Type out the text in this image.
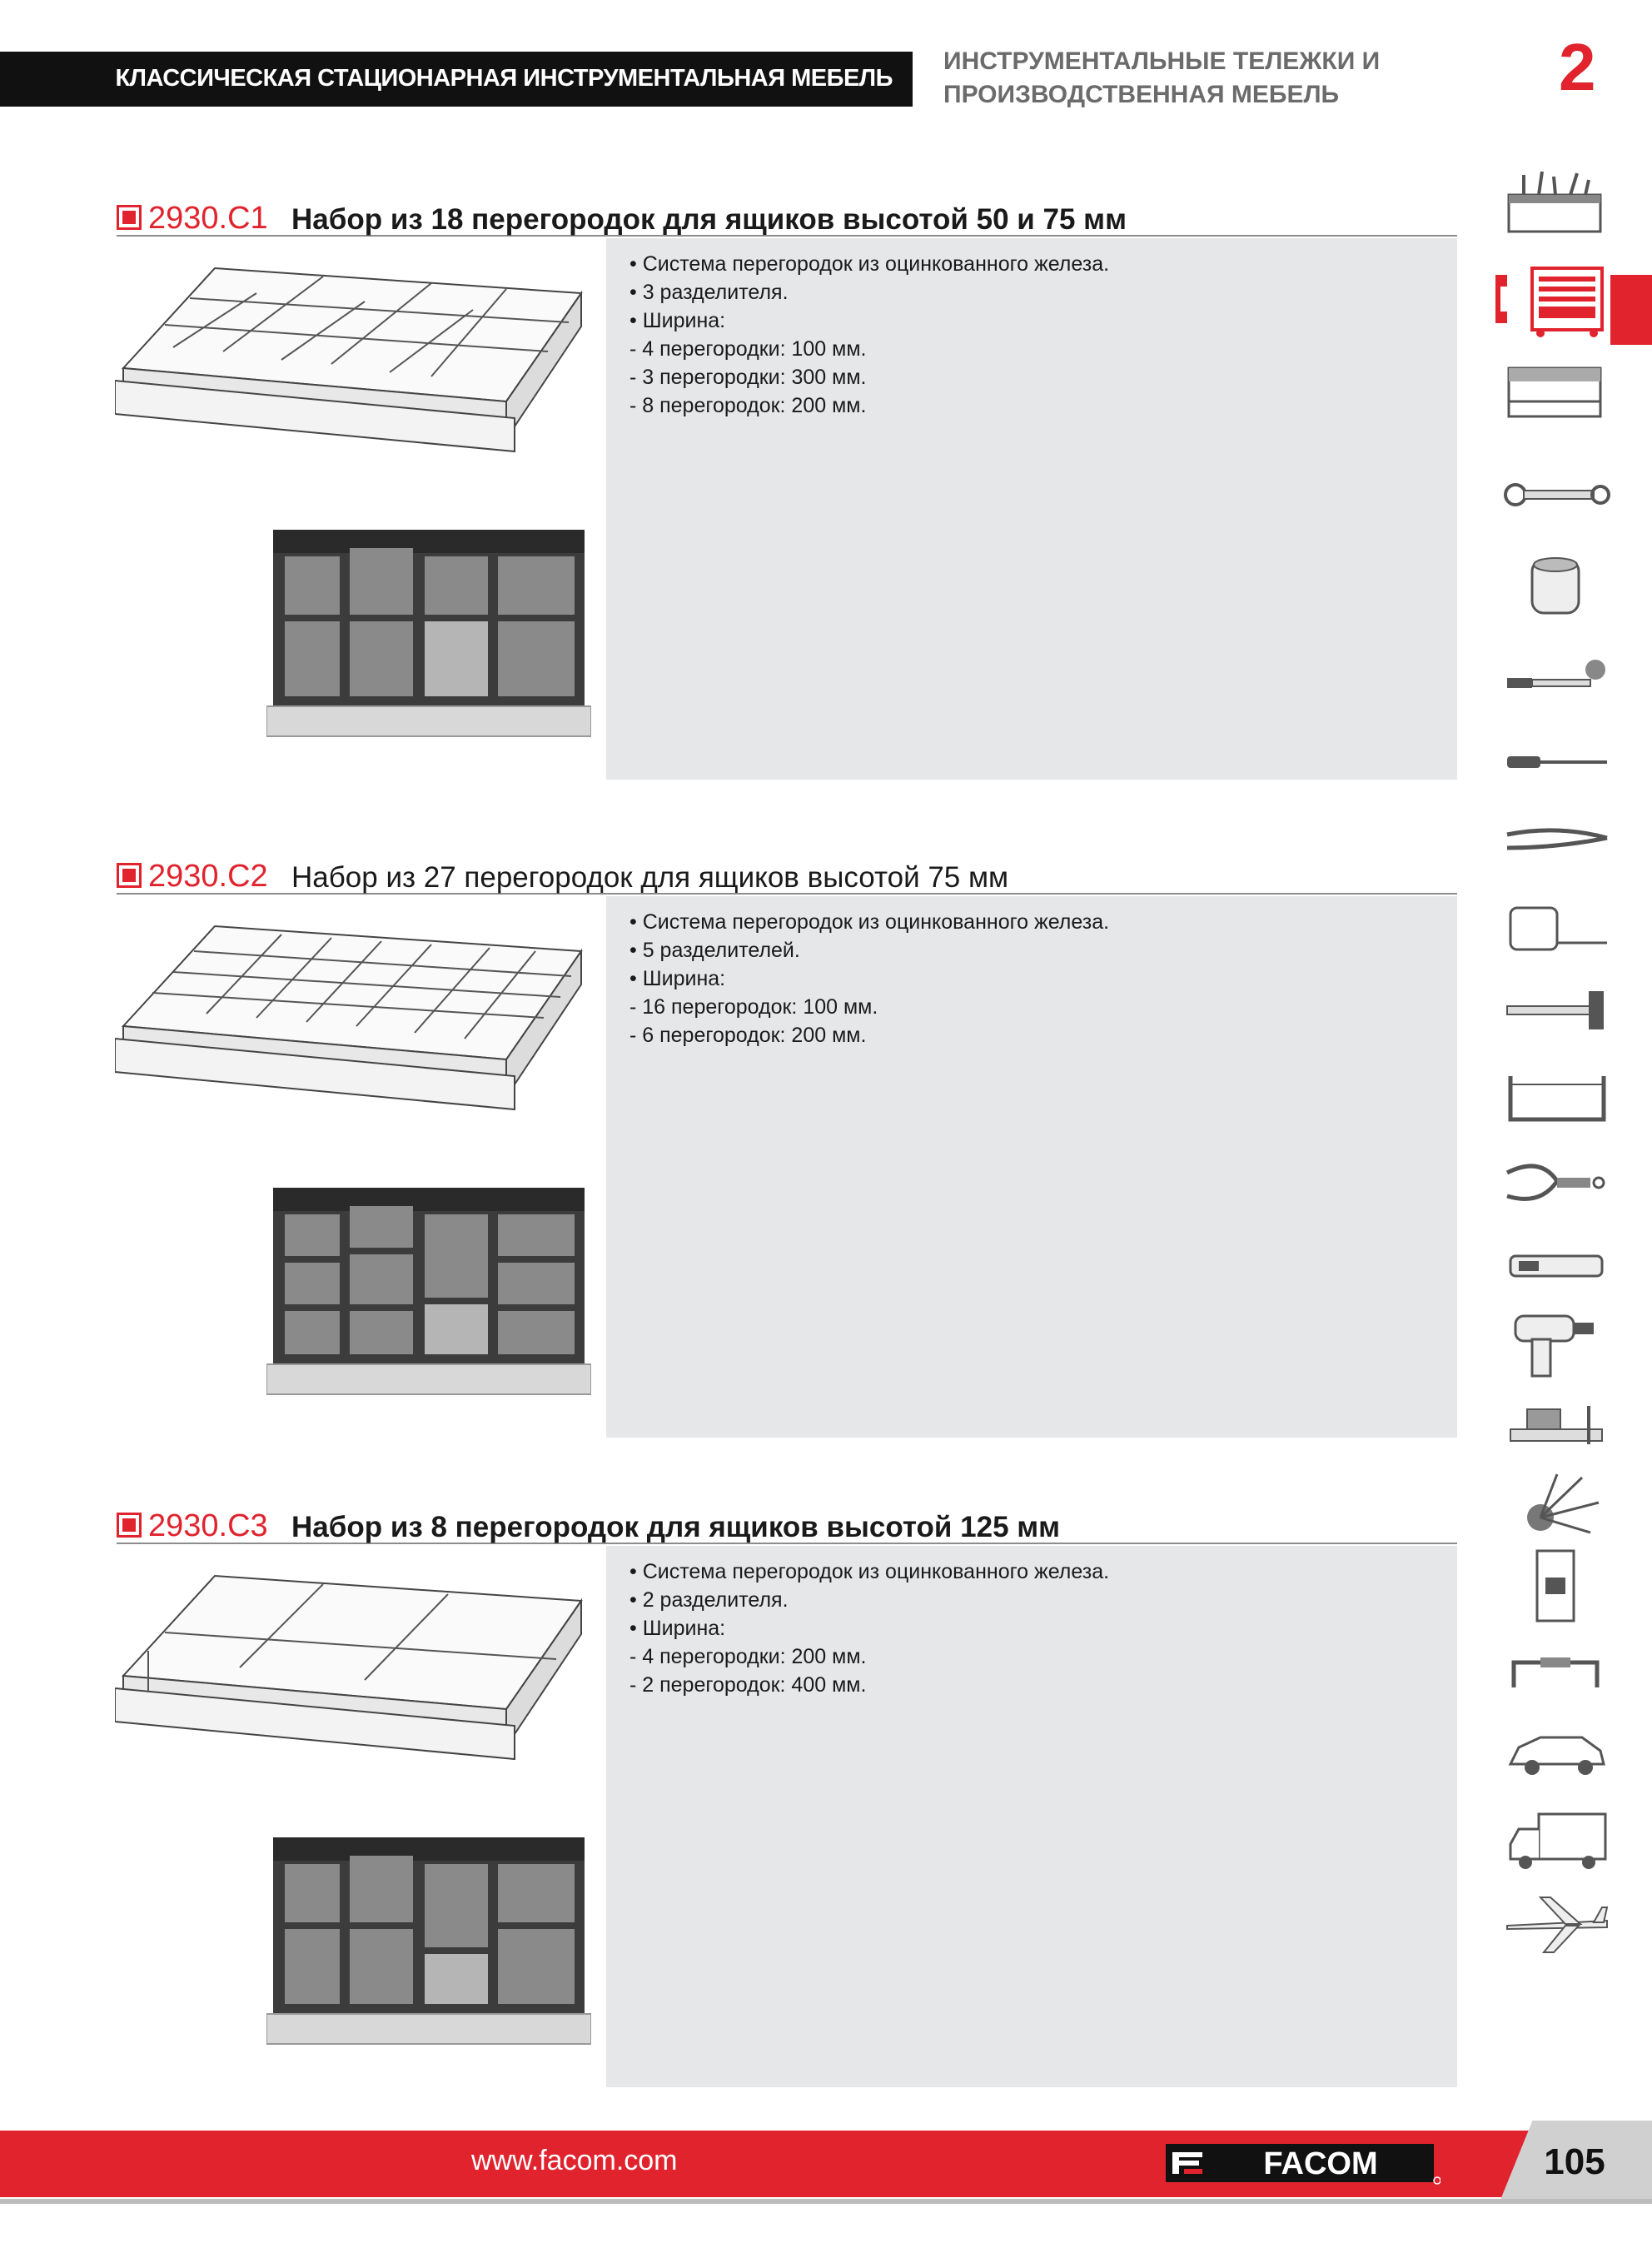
КЛАССИЧЕСКАЯ СТАЦИОНАРНАЯ ИНСТРУМЕНТАЛЬНАЯ МЕБЕЛЬ
ИНСТРУМЕНТАЛЬНЫЕ ТЕЛЕЖКИ И
ПРОИЗВОДСТВЕННАЯ МЕБЕЛЬ	2
2930.C1 Набор из 18 перегородок для ящиков высотой 50 и 75 мм
• Система перегородок из оцинкованного железа.
• 3 разделителя.
• Ширина:
- 4 перегородки: 100 мм.
- 3 перегородки: 300 мм.
- 8 перегородок: 200 мм.
2930.C2 Набор из 27 перегородок для ящиков высотой 75 мм
• Система перегородок из оцинкованного железа.
• 5 разделителей.
• Ширина:
- 16 перегородок: 100 мм.
- 6 перегородок: 200 мм.
2930.C3 Набор из 8 перегородок для ящиков высотой 125 мм
• Система перегородок из оцинкованного железа.
• 2 разделителя.
• Ширина:
- 4 перегородки: 200 мм.
- 2 перегородок: 400 мм.
www.facom.com	FACOM	105
